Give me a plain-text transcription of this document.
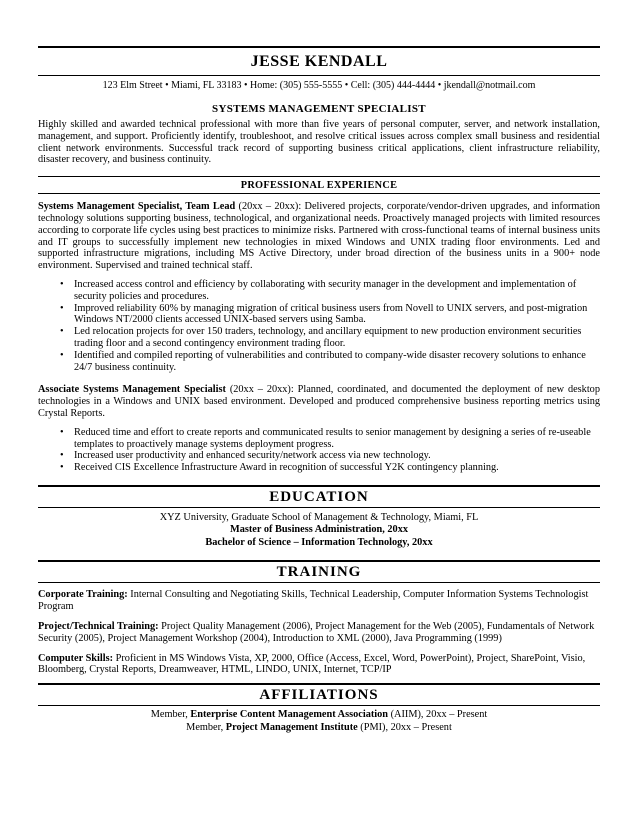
JESSE KENDALL
123 Elm Street • Miami, FL 33183 • Home: (305) 555-5555 • Cell: (305) 444-4444 • jkendall@notmail.com
SYSTEMS MANAGEMENT SPECIALIST

Highly skilled and awarded technical professional with more than five years of personal computer, server, and network installation, management, and support. Proficiently identify, troubleshoot, and resolve critical issues across complex small business and residential client network environments. Successful track record of supporting business critical applications, client infrastructure reliability, disaster recovery, and business continuity.

PROFESSIONAL EXPERIENCE

Systems Management Specialist, Team Lead (20xx – 20xx): Delivered projects, corporate/vendor-driven upgrades, and information technology solutions supporting business, technological, and organizational needs. Proactively managed projects with limited resources according to corporate life cycles using best practices to minimize risks. Partnered with cross-functional teams of internal business units and IT groups to successfully implement new technologies in mixed Windows and UNIX trading floor environments. Led and supported infrastructure migrations, including MS Active Directory, under broad direction of the business units in a 900+ node environment. Supervised and trained technical staff.

• Increased access control and efficiency by collaborating with security manager in the development and implementation of security policies and procedures.
• Improved reliability 60% by managing migration of critical business users from Novell to UNIX servers, and post-migration Windows NT/2000 clients accessed UNIX-based servers using Samba.
• Led relocation projects for over 150 traders, technology, and ancillary equipment to new production environment securities trading floor and a second contingency environment trading floor.
• Identified and compiled reporting of vulnerabilities and contributed to company-wide disaster recovery solutions to enhance 24/7 business continuity.

Associate Systems Management Specialist (20xx – 20xx): Planned, coordinated, and documented the deployment of new desktop technologies in a Windows and UNIX based environment. Developed and produced comprehensive business reporting metrics using Crystal Reports.

• Reduced time and effort to create reports and communicated results to senior management by designing a series of re-useable templates to proactively manage systems deployment progress.
• Increased user productivity and enhanced security/network access via new technology.
• Received CIS Excellence Infrastructure Award in recognition of successful Y2K contingency planning.
EDUCATION
XYZ University, Graduate School of Management & Technology, Miami, FL
Master of Business Administration, 20xx
Bachelor of Science – Information Technology, 20xx
TRAINING

Corporate Training: Internal Consulting and Negotiating Skills, Technical Leadership, Computer Information Systems Technologist Program

Project/Technical Training: Project Quality Management (2006), Project Management for the Web (2005), Fundamentals of Network Security (2005), Project Management Workshop (2004), Introduction to XML (2000), Java Programming (1999)

Computer Skills: Proficient in MS Windows Vista, XP, 2000, Office (Access, Excel, Word, PowerPoint), Project, SharePoint, Visio, Bloomberg, Crystal Reports, Dreamweaver, HTML, LINDO, UNIX, Internet, TCP/IP

AFFILIATIONS
Member, Enterprise Content Management Association (AIIM), 20xx – Present
Member, Project Management Institute (PMI), 20xx – Present
